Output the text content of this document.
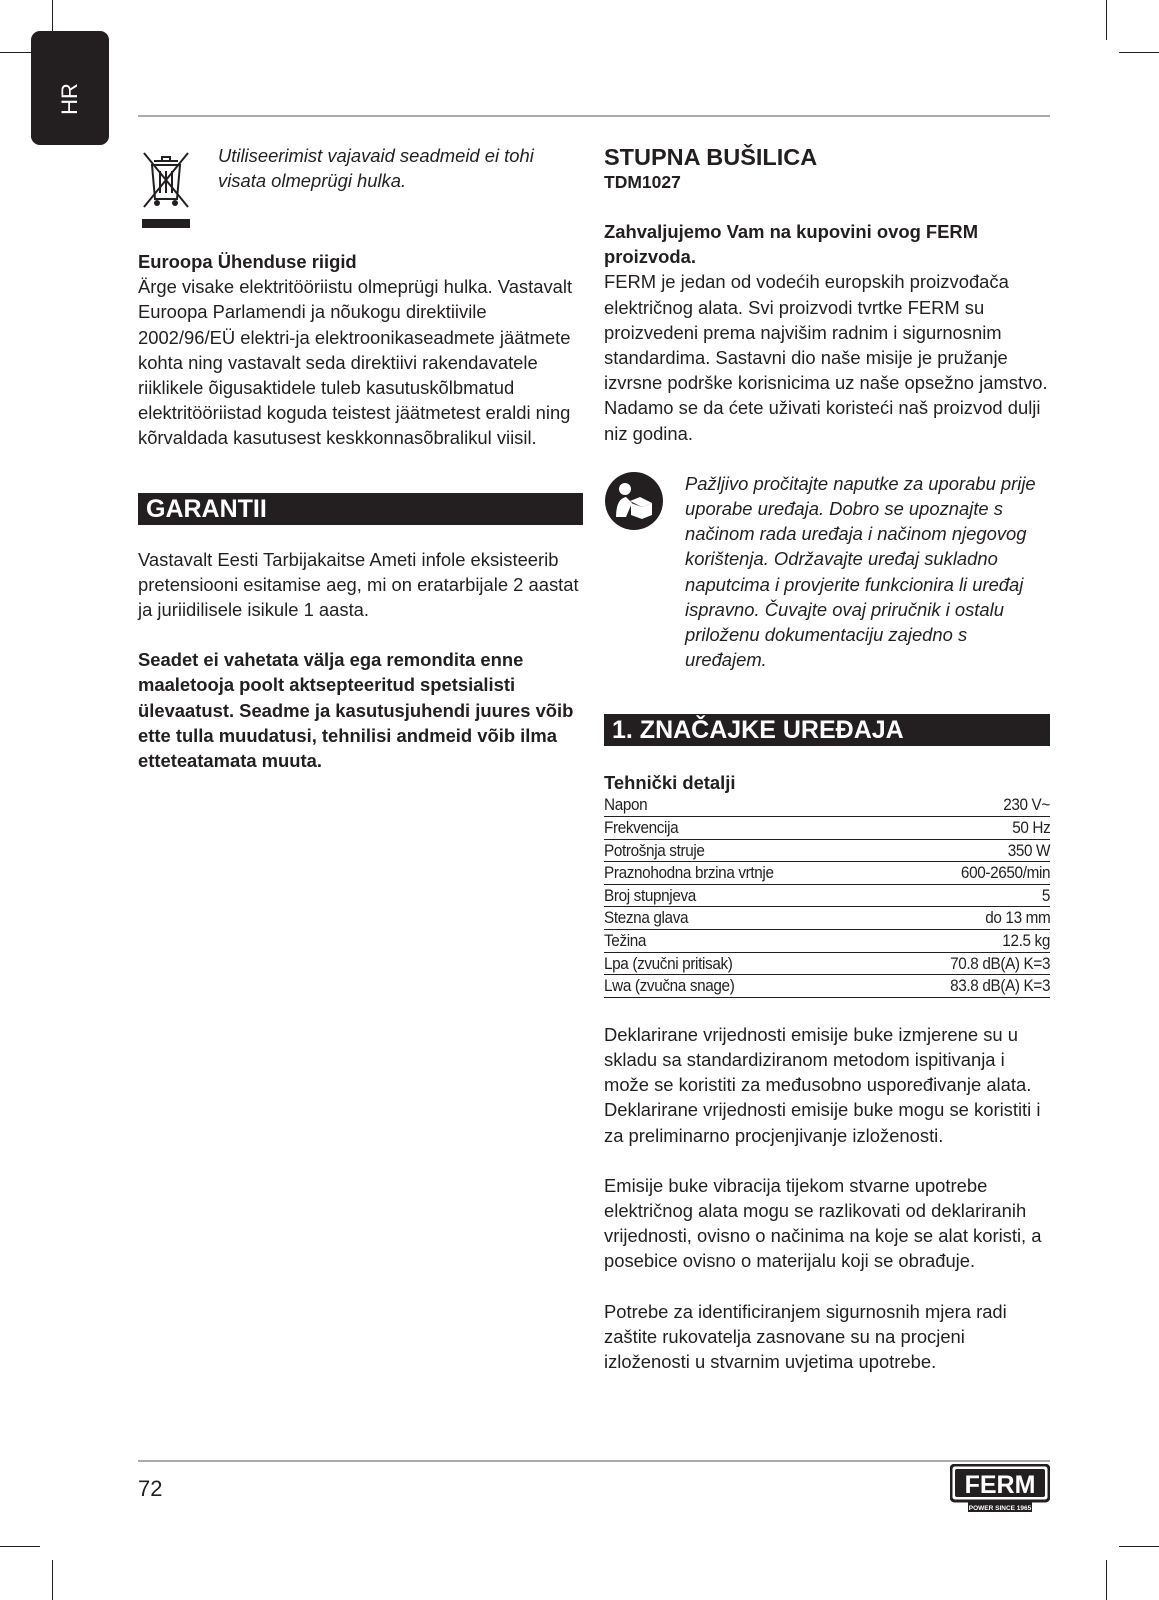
HR

Utiliseerimist vajavaid seadmeid ei tohi visata olmeprügi hulka.

Euroopa Ühenduse riigid

Ärge visake elektritööriistu olmeprügi hulka. Vastavalt Euroopa Parlamendi ja nõukogu direktiivile 2002/96/EÜ elektri-ja elektroonikaseadmete jäätmete kohta ning vastavalt seda direktiivi rakendavatele riiklikele õigusaktidele tuleb kasutuskõlbmatud elektritööriistad koguda teistest jäätmetest eraldi ning kõrvaldada kasutusest keskkonnasõbralikul viisil.

GARANTII

Vastavalt Eesti Tarbijakaitse Ameti infole eksisteerib pretensiooni esitamise aeg, mi on eratarbijale 2 aastat ja juriidilisele isikule 1 aasta.

Seadet ei vahetata välja ega remondita enne maaletooja poolt aktsepteeritud spetsialisti ülevaatust. Seadme ja kasutusjuhendi juures võib ette tulla muudatusi, tehnilisi andmeid võib ilma etteteatamata muuta.

STUPNA BUŠILICA
TDM1027

Zahvaljujemo Vam na kupovini ovog FERM proizvoda.

FERM je jedan od vodećih europskih proizvođača električnog alata. Svi proizvodi tvrtke FERM su proizvedeni prema najvišim radnim i sigurnosnim standardima. Sastavni dio naše misije je pružanje izvrsne podrške korisnicima uz naše opsežno jamstvo. Nadamo se da ćete uživati koristeći naš proizvod dulji niz godina.

Pažljivo pročitajte naputke za uporabu prije uporabe uređaja. Dobro se upoznajte s načinom rada uređaja i načinom njegovog korištenja. Održavajte uređaj sukladno naputcima i provjerite funkcionira li uređaj ispravno. Čuvajte ovaj priručnik i ostalu priloženu dokumentaciju zajedno s uređajem.

1. ZNAČAJKE UREĐAJA
Tehnički detalji
Napon	230 V~
Frekvencija	50 Hz
Potrošnja struje	350 W
Praznohodna brzina vrtnje	600-2650/min
Broj stupnjeva	5
Stezna glava	do 13 mm
Težina	12.5 kg
Lpa (zvučni pritisak)	70.8 dB(A) K=3
Lwa (zvučna snage)	83.8 dB(A) K=3

Deklarirane vrijednosti emisije buke izmjerene su u skladu sa standardiziranom metodom ispitivanja i može se koristiti za međusobno uspoređivanje alata.

Deklarirane vrijednosti emisije buke mogu se koristiti i za preliminarno procjenjivanje izloženosti.

Emisije buke vibracija tijekom stvarne upotrebe električnog alata mogu se razlikovati od deklariranih vrijednosti, ovisno o načinima na koje se alat koristi, a posebice ovisno o materijalu koji se obrađuje.

Potrebe za identificiranjem sigurnosnih mjera radi zaštite rukovatelja zasnovane su na procjeni izloženosti u stvarnim uvjetima upotrebe.

72	FERM
POWER SINCE 1965
